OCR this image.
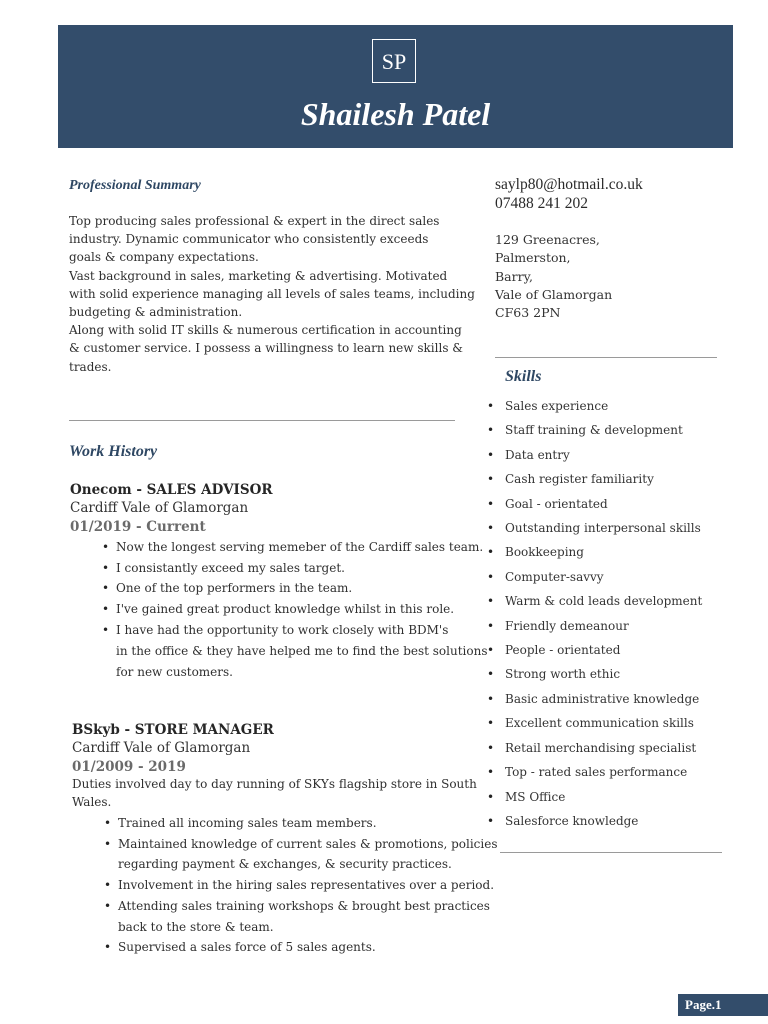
SP
Shailesh Patel
Professional Summary
Top producing sales professional & expert in the direct sales
industry. Dynamic communicator who consistently exceeds
goals & company expectations.
Vast background in sales, marketing & advertising. Motivated
with solid experience managing all levels of sales teams, including
budgeting & administration.
Along with solid IT skills & numerous certification in accounting
& customer service. I possess a willingness to learn new skills &
trades.
Work History
Onecom - SALES ADVISOR
Cardiff Vale of Glamorgan
01/2019 - Current
• Now the longest serving memeber of the Cardiff sales team.
• I consistantly exceed my sales target.
• One of the top performers in the team.
• I've gained great product knowledge whilst in this role.
• I have had the opportunity to work closely with BDM's
in the office & they have helped me to find the best solutions
for new customers.
BSkyb - STORE MANAGER
Cardiff Vale of Glamorgan
01/2009 - 2019
Duties involved day to day running of SKYs flagship store in South
Wales.
• Trained all incoming sales team members.
• Maintained knowledge of current sales & promotions, policies
regarding payment & exchanges, & security practices.
• Involvement in the hiring sales representatives over a period.
• Attending sales training workshops & brought best practices
back to the store & team.
• Supervised a sales force of 5 sales agents.
saylp80@hotmail.co.uk
07488 241 202
129 Greenacres,
Palmerston,
Barry,
Vale of Glamorgan
CF63 2PN
Skills
• Sales experience
• Staff training & development
• Data entry
• Cash register familiarity
• Goal - orientated
• Outstanding interpersonal skills
• Bookkeeping
• Computer-savvy
• Warm & cold leads development
• Friendly demeanour
• People - orientated
• Strong worth ethic
• Basic administrative knowledge
• Excellent communication skills
• Retail merchandising specialist
• Top - rated sales performance
• MS Office
• Salesforce knowledge
Page.1
